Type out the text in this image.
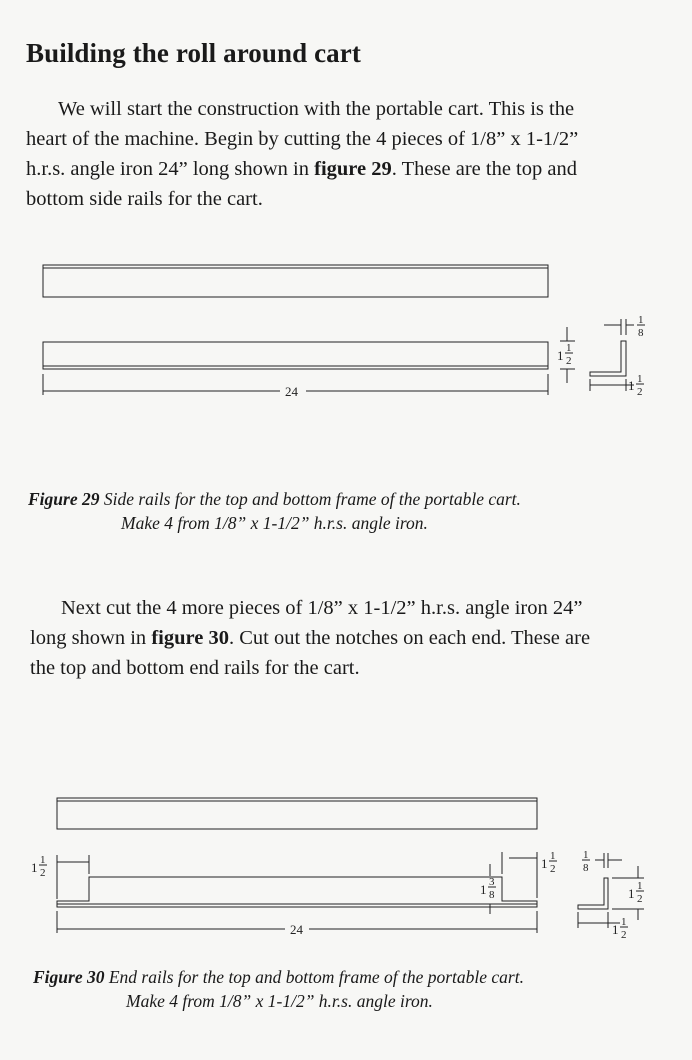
Building the roll around cart
We will start the construction with the portable cart. This is the
heart of the machine. Begin by cutting the 4 pieces of 1/8” x 1-1/2”
h.r.s. angle iron 24” long shown in figure 29. These are the top and
bottom side rails for the cart.
24
1 1
2
1
8
1 1
2
Figure 29 Side rails for the top and bottom frame of the portable cart.
Make 4 from 1/8” x 1-1/2” h.r.s. angle iron.
Next cut the 4 more pieces of 1/8” x 1-1/2” h.r.s. angle iron 24”
long shown in figure 30. Cut out the notches on each end. These are
the top and bottom end rails for the cart.
24
1 1
2
1 1
2
1 3
8
1
8
1 1
2
1 1
2
Figure 30 End rails for the top and bottom frame of the portable cart.
Make 4 from 1/8” x 1-1/2” h.r.s. angle iron.
